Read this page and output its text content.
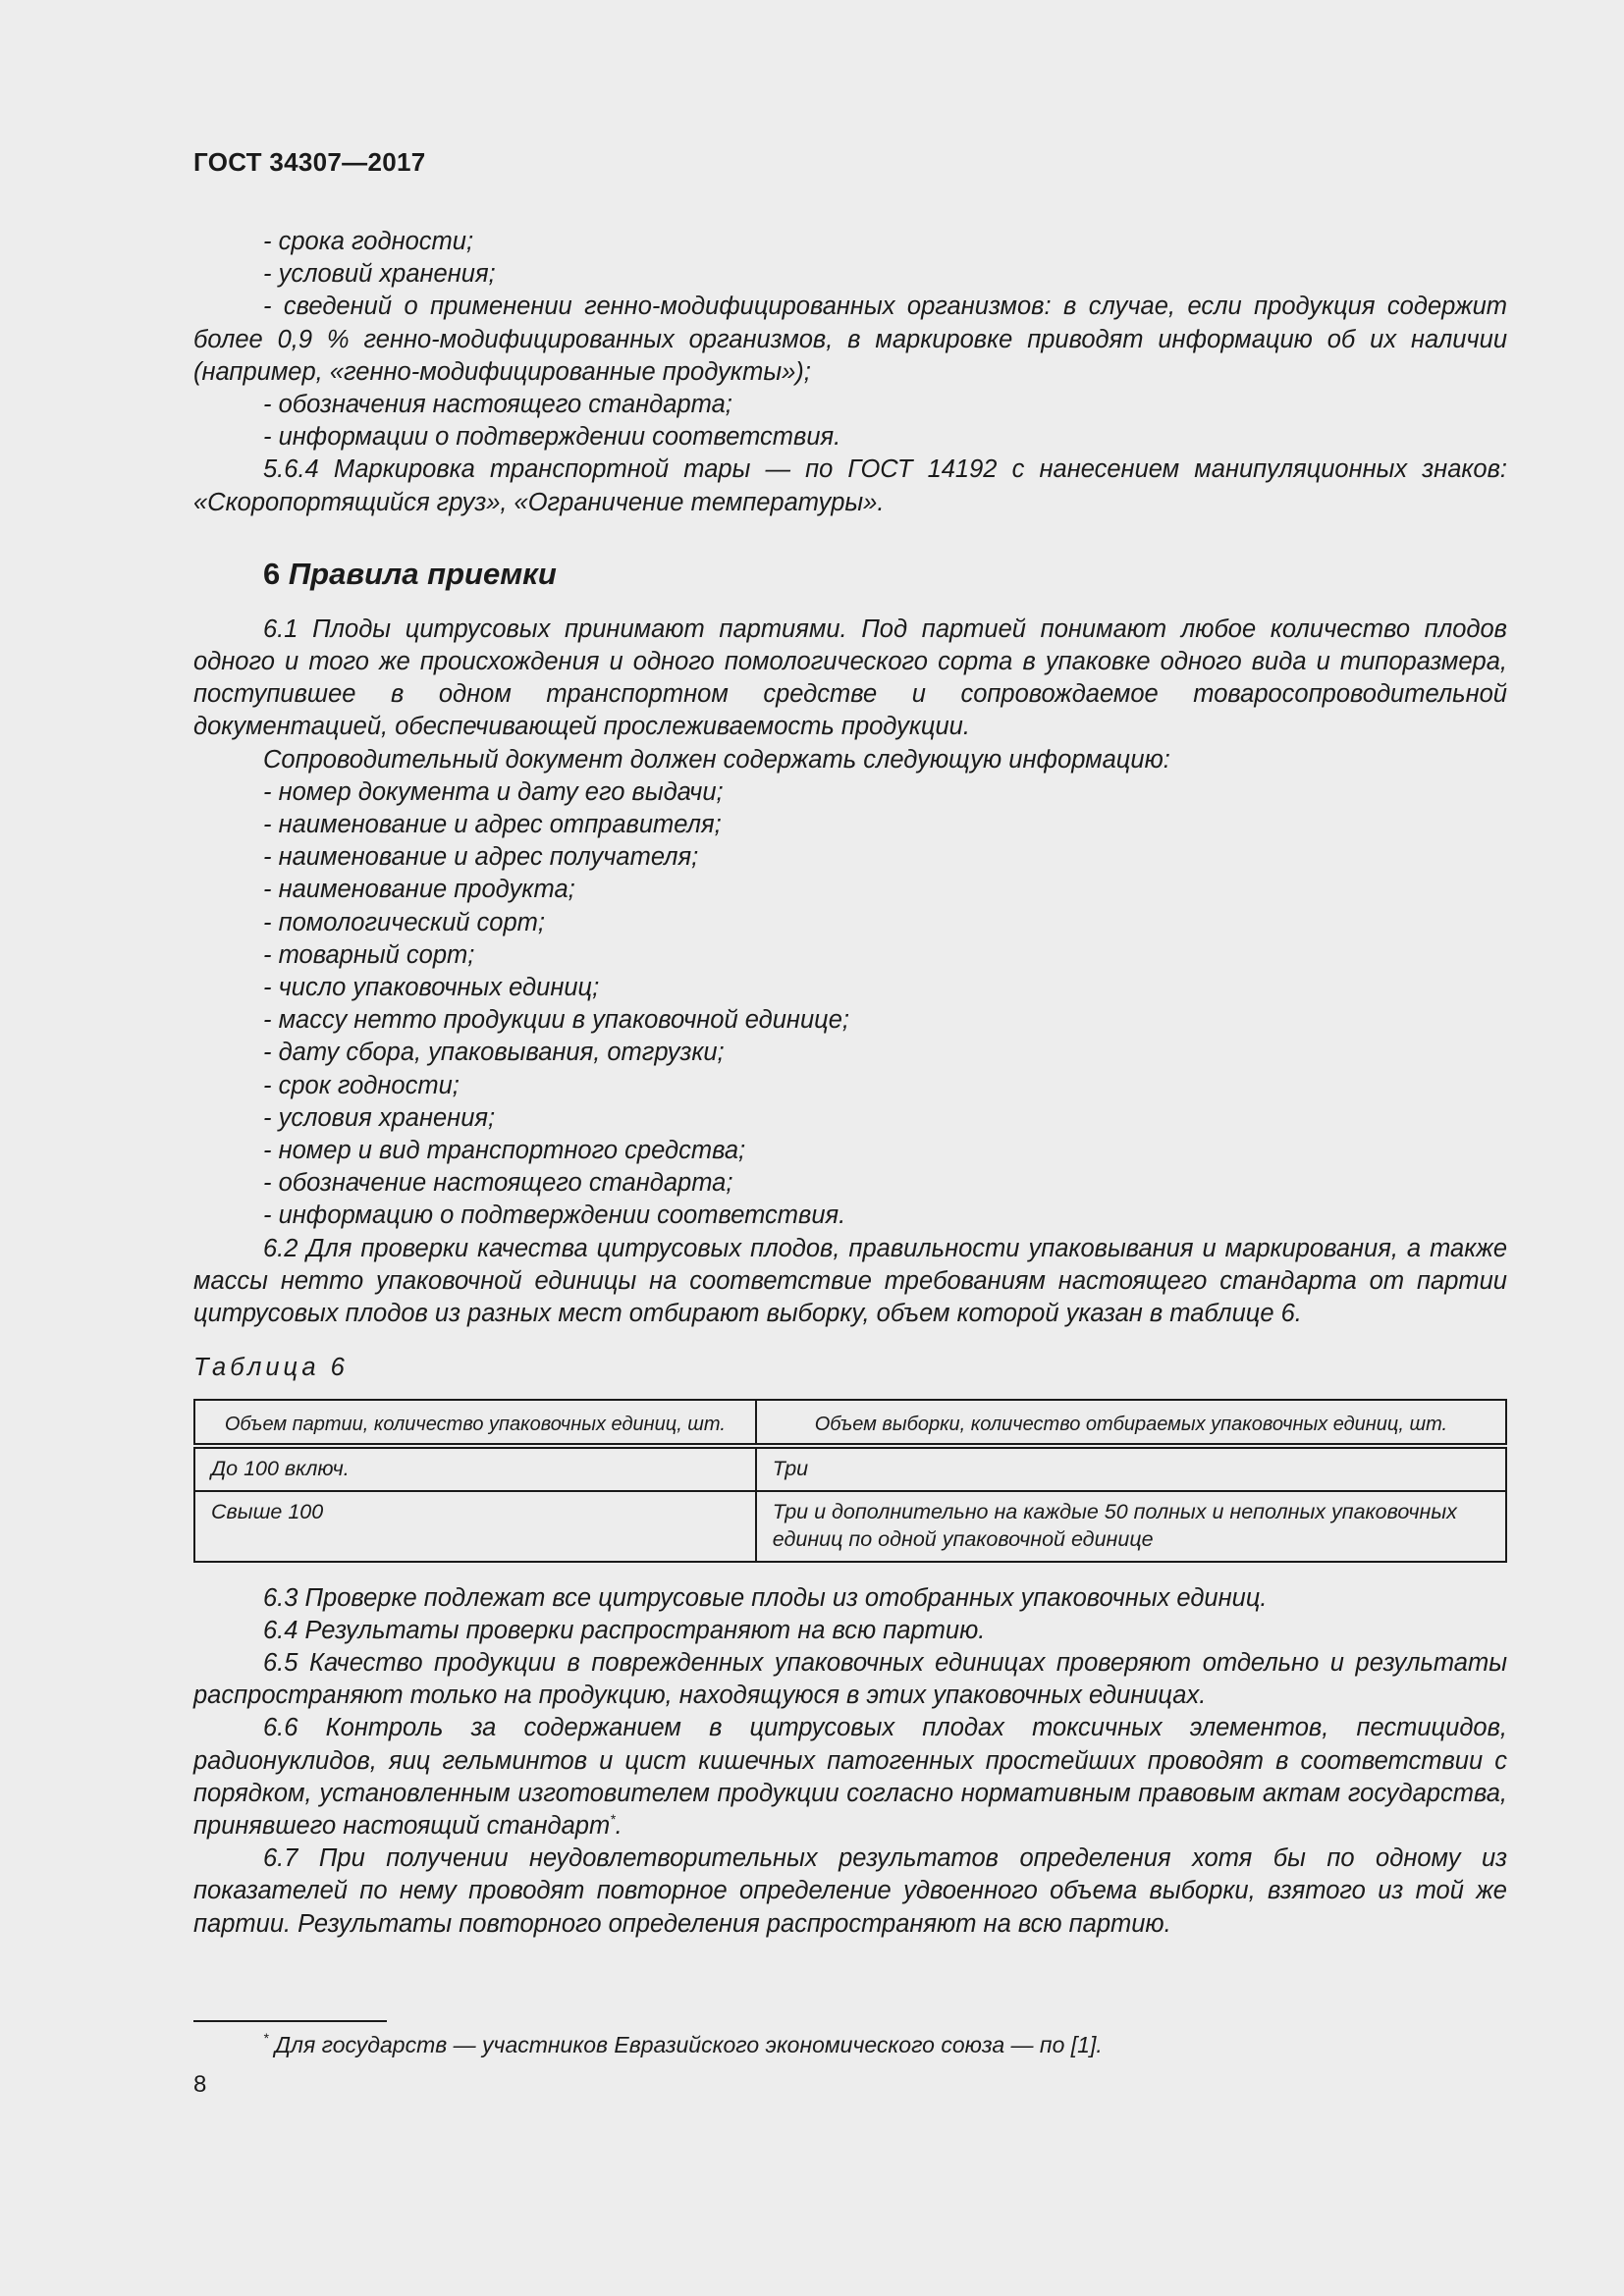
ГОСТ 34307—2017

- срока годности;

- условий хранения;

- сведений о применении генно-модифицированных организмов: в случае, если продукция содержит более 0,9 % генно-модифицированных организмов, в маркировке приводят информацию об их наличии (например, «генно-модифицированные продукты»);

- обозначения настоящего стандарта;

- информации о подтверждении соответствия.

5.6.4 Маркировка транспортной тары — по ГОСТ 14192 с нанесением манипуляционных знаков: «Скоропортящийся груз», «Ограничение температуры».

6 Правила приемки

6.1 Плоды цитрусовых принимают партиями. Под партией понимают любое количество плодов одного и того же происхождения и одного помологического сорта в упаковке одного вида и типоразмера, поступившее в одном транспортном средстве и сопровождаемое товаросопроводительной документацией, обеспечивающей прослеживаемость продукции.

Сопроводительный документ должен содержать следующую информацию:

- номер документа и дату его выдачи;

- наименование и адрес отправителя;

- наименование и адрес получателя;

- наименование продукта;

- помологический сорт;

- товарный сорт;

- число упаковочных единиц;

- массу нетто продукции в упаковочной единице;

- дату сбора, упаковывания, отгрузки;

- срок годности;

- условия хранения;

- номер и вид транспортного средства;

- обозначение настоящего стандарта;

- информацию о подтверждении соответствия.

6.2 Для проверки качества цитрусовых плодов, правильности упаковывания и маркирования, а также массы нетто упаковочной единицы на соответствие требованиям настоящего стандарта от партии цитрусовых плодов из разных мест отбирают выборку, объем которой указан в таблице 6.

Таблица 6

Объем партии, количество упаковочных единиц, шт.	Объем выборки, количество отбираемых упаковочных единиц, шт.
До 100 включ.	Три
Свыше 100	Три и дополнительно на каждые 50 полных и неполных упаковочных единиц по одной упаковочной единице

6.3 Проверке подлежат все цитрусовые плоды из отобранных упаковочных единиц.

6.4 Результаты проверки распространяют на всю партию.

6.5 Качество продукции в поврежденных упаковочных единицах проверяют отдельно и результаты распространяют только на продукцию, находящуюся в этих упаковочных единицах.

6.6 Контроль за содержанием в цитрусовых плодах токсичных элементов, пестицидов, радионуклидов, яиц гельминтов и цист кишечных патогенных простейших проводят в соответствии с порядком, установленным изготовителем продукции согласно нормативным правовым актам государства, принявшего настоящий стандарт*.

6.7 При получении неудовлетворительных результатов определения хотя бы по одному из показателей по нему проводят повторное определение удвоенного объема выборки, взятого из той же партии. Результаты повторного определения распространяют на всю партию.

* Для государств — участников Евразийского экономического союза — по [1].
8
